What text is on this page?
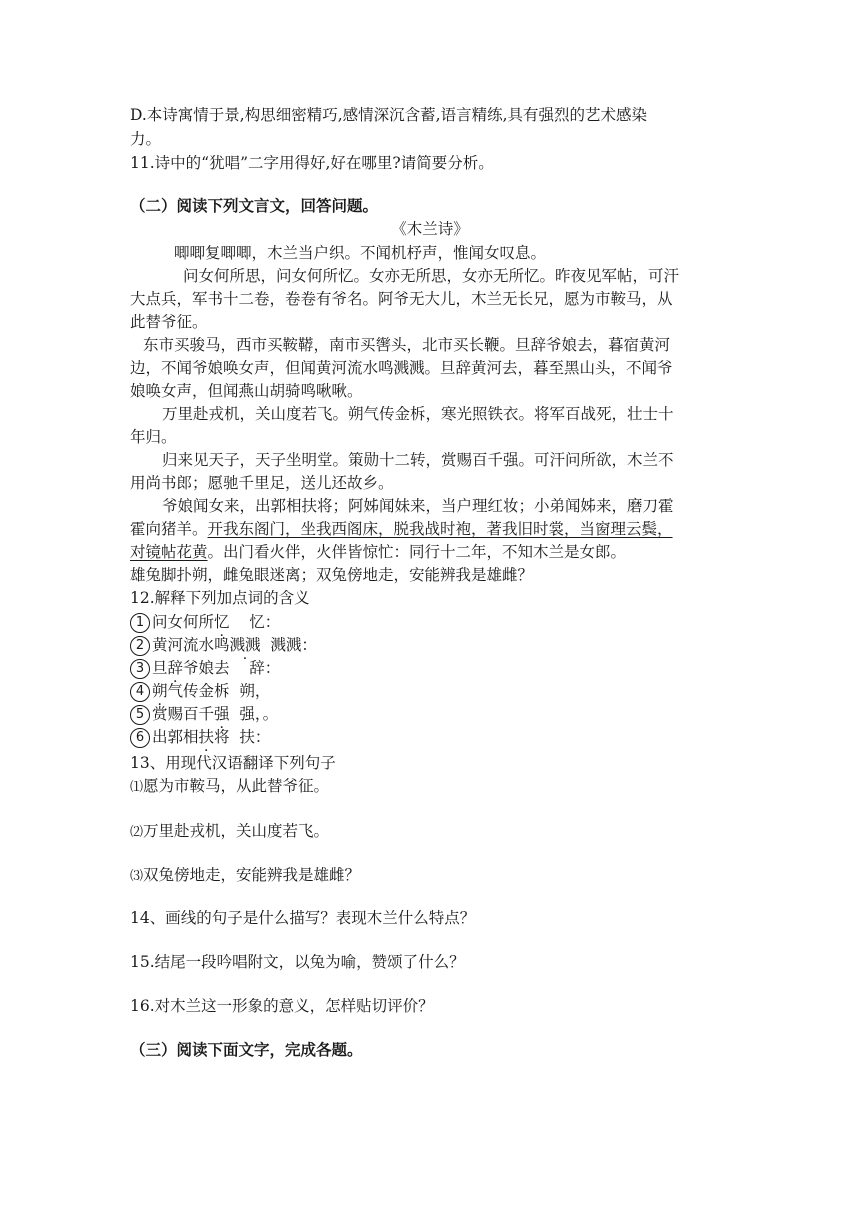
D.本诗寓情于景,构思细密精巧,感情深沉含蓄,语言精练,具有强烈的艺术感染
力。
11.诗中的“犹唱”二字用得好,好在哪里?请简要分析。
（二）阅读下列文言文，回答问题。
《木兰诗》
唧唧复唧唧，木兰当户织。不闻机杼声，惟闻女叹息。
问女何所思，问女何所忆。女亦无所思，女亦无所忆。昨夜见军帖，可汗
大点兵，军书十二卷，卷卷有爷名。阿爷无大儿，木兰无长兄，愿为市鞍马，从
此替爷征。
东市买骏马，西市买鞍鞯，南市买辔头，北市买长鞭。旦辞爷娘去，暮宿黄河
边，不闻爷娘唤女声，但闻黄河流水鸣溅溅。旦辞黄河去，暮至黑山头，不闻爷
娘唤女声，但闻燕山胡骑鸣啾啾。
万里赴戎机，关山度若飞。朔气传金柝，寒光照铁衣。将军百战死，壮士十
年归。
归来见天子，天子坐明堂。策勋十二转，赏赐百千强。可汗问所欲，木兰不
用尚书郎；愿驰千里足，送儿还故乡。
爷娘闻女来，出郭相扶将；阿姊闻妹来，当户理红妆；小弟闻姊来，磨刀霍
霍向猪羊。开我东阁门，坐我西阁床，脱我战时袍，著我旧时裳，当窗理云鬓，
对镜帖花黄。出门看火伴，火伴皆惊忙：同行十二年，不知木兰是女郎。
雄兔脚扑朔，雌兔眼迷离；双兔傍地走，安能辨我是雄雌？
12.解释下列加点词的含义
1 问女何所忆 忆：
2 黄河流水鸣溅溅 溅溅：
3 旦辞爷娘去 辞：
4 朔气传金柝 朔，
5 赏赐百千强 强，。
6 出郭相扶将 扶：
13、用现代汉语翻译下列句子
⑴愿为市鞍马，从此替爷征。
⑵万里赴戎机，关山度若飞。
⑶双兔傍地走，安能辨我是雄雌？
14、画线的句子是什么描写？表现木兰什么特点？
15.结尾一段吟唱附文，以兔为喻，赞颂了什么？
16.对木兰这一形象的意义，怎样贴切评价？
（三）阅读下面文字，完成各题。
